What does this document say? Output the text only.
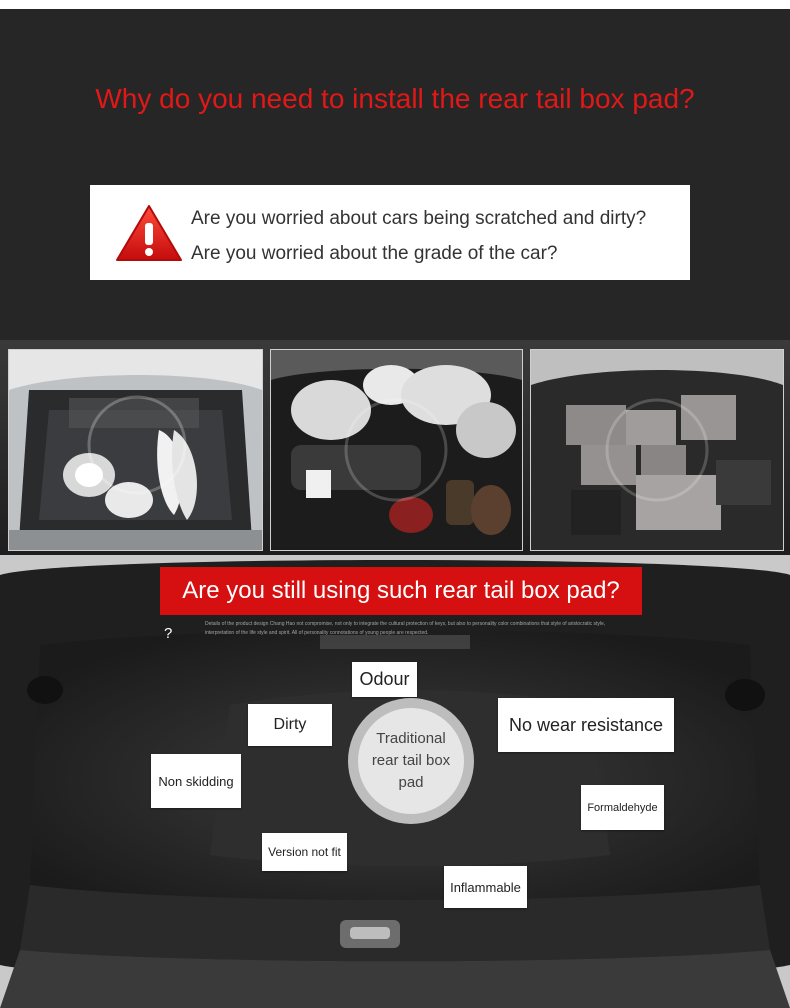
Why do you need to install the rear tail box pad?
Are you worried about cars being scratched and dirty?
Are you worried about the grade of the car?
Are you still using such rear tail box pad?
?
Details of the product design Chang Hao not compromise, not only to integrate the cultural protection of keys, but also to personality color combinations that style of aristocratic style, interpretation of the life style and spirit. All of personality connotations of young people are respected.
Odour
Dirty	No wear resistance
Non skidding
Formaldehyde
Version not fit
Inflammable
Traditional rear tail box pad
